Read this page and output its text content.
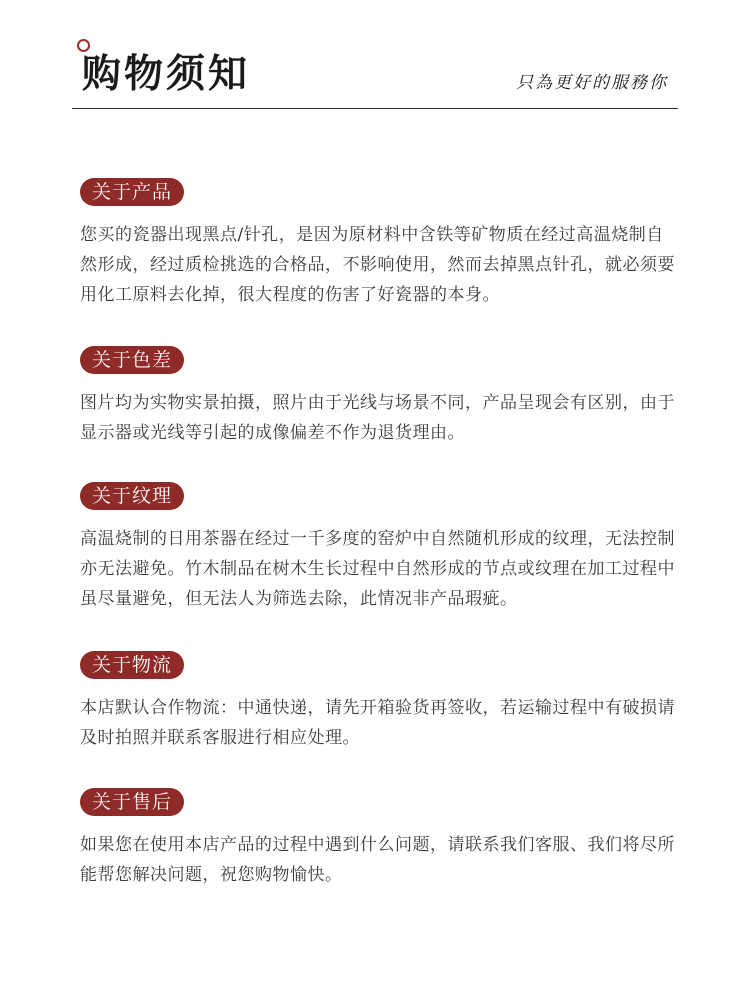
购物须知	只為更好的服務你
关于产品
您买的瓷器出现黑点/针孔，是因为原材料中含铁等矿物质在经过高温烧制自然形成，经过质检挑选的合格品，不影响使用，然而去掉黑点针孔，就必须要用化工原料去化掉，很大程度的伤害了好瓷器的本身。
关于色差
图片均为实物实景拍摄，照片由于光线与场景不同，产品呈现会有区别，由于显示器或光线等引起的成像偏差不作为退货理由。
关于纹理
高温烧制的日用茶器在经过一千多度的窑炉中自然随机形成的纹理，无法控制亦无法避免。竹木制品在树木生长过程中自然形成的节点或纹理在加工过程中虽尽量避免，但无法人为筛选去除，此情况非产品瑕疵。
关于物流
本店默认合作物流：中通快递，请先开箱验货再签收，若运输过程中有破损请及时拍照并联系客服进行相应处理。
关于售后
如果您在使用本店产品的过程中遇到什么问题，请联系我们客服、我们将尽所能帮您解决问题，祝您购物愉快。
